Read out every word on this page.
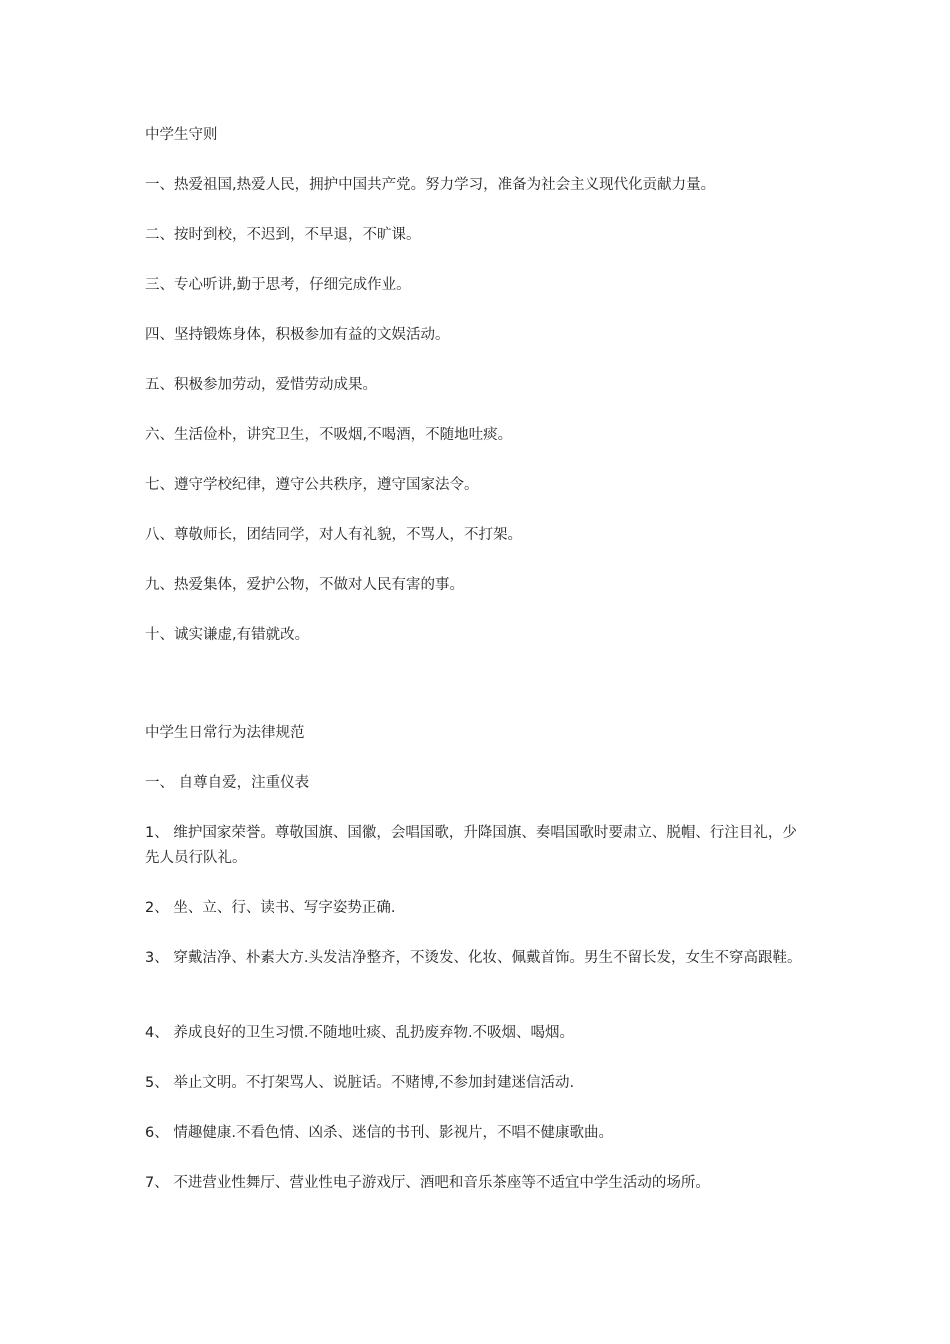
中学生守则
一、热爱祖国,热爱人民，拥护中国共产党。努力学习，准备为社会主义现代化贡献力量。
二、按时到校，不迟到，不早退，不旷课。
三、专心听讲,勤于思考，仔细完成作业。
四、坚持锻炼身体，积极参加有益的文娱活动。
五、积极参加劳动，爱惜劳动成果。
六、生活俭朴，讲究卫生，不吸烟,不喝酒，不随地吐痰。
七、遵守学校纪律，遵守公共秩序，遵守国家法令。
八、尊敬师长，团结同学，对人有礼貌，不骂人，不打架。
九、热爱集体，爱护公物，不做对人民有害的事。
十、诚实谦虚,有错就改。
中学生日常行为法律规范
一、 自尊自爱，注重仪表
1、 维护国家荣誉。尊敬国旗、国徽，会唱国歌，升降国旗、奏唱国歌时要肃立、脱帽、行注目礼，少先人员行队礼。
2、 坐、立、行、读书、写字姿势正确.
3、 穿戴洁净、朴素大方.头发洁净整齐，不烫发、化妆、佩戴首饰。男生不留长发，女生不穿高跟鞋。
4、 养成良好的卫生习惯.不随地吐痰、乱扔废弃物.不吸烟、喝烟。
5、 举止文明。不打架骂人、说脏话。不赌博,不参加封建迷信活动.
6、 情趣健康.不看色情、凶杀、迷信的书刊、影视片，不唱不健康歌曲。
7、 不进营业性舞厅、营业性电子游戏厅、酒吧和音乐茶座等不适宜中学生活动的场所。
